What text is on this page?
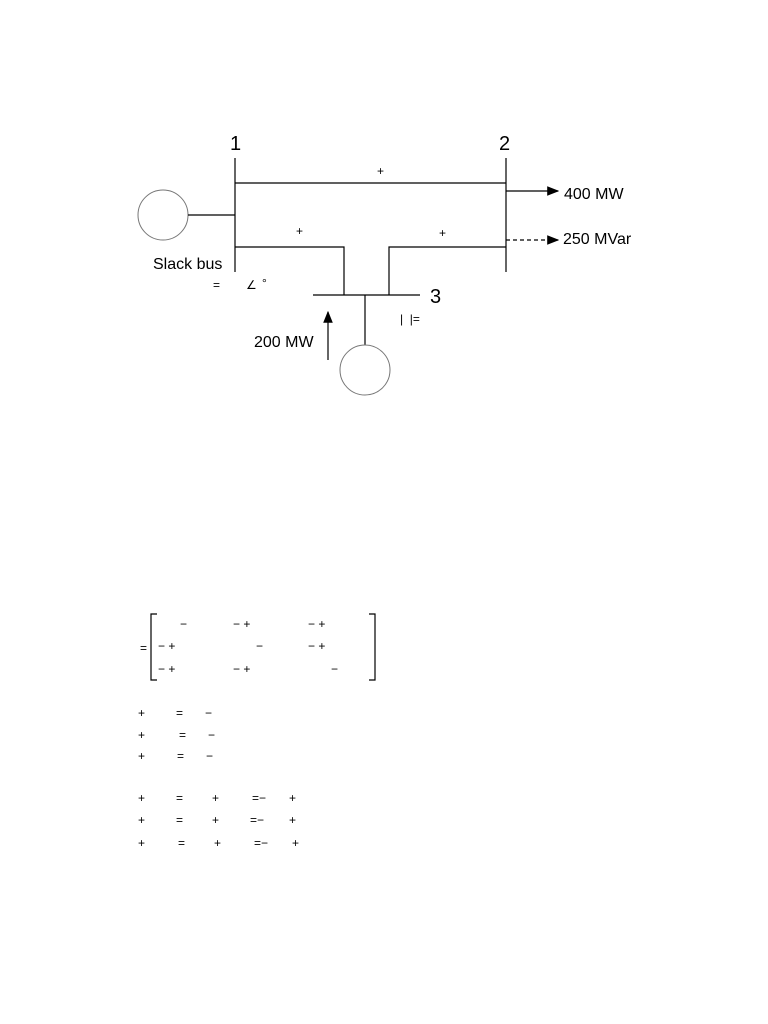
1	2
3
+
+	+
Slack bus
= ∠ °
400 MW
250 MVar
200 MW
|  |=
=
−	− +	− +
− +	−	− +
− +	− +	−
+	= −
+	= −
+	= −
+	= +	=− +
+	= +	=− +
+	= +	=− +
